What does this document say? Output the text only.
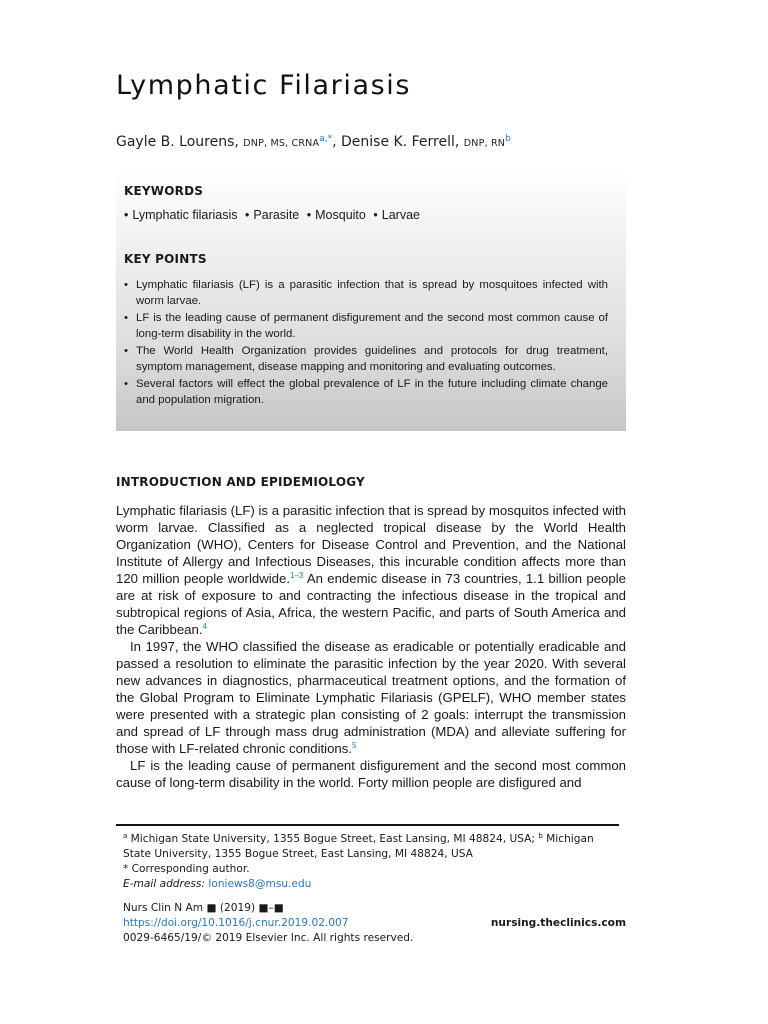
Lymphatic Filariasis
Gayle B. Lourens, DNP, MS, $CRNA^{a,*}$, Denise K. Ferrell, DNP, $RN^b$
KEYWORDS
• Lymphatic filariasis • Parasite • Mosquito • Larvae
KEY POINTS
• Lymphatic filariasis (LF) is a parasitic infection that is spread by mosquitoes infected with worm larvae.
• LF is the leading cause of permanent disfigurement and the second most common cause of long-term disability in the world.
• The World Health Organization provides guidelines and protocols for drug treatment, symptom management, disease mapping and monitoring and evaluating outcomes.
• Several factors will effect the global prevalence of LF in the future including climate change and population migration.
INTRODUCTION AND EPIDEMIOLOGY

Lymphatic filariasis (LF) is a parasitic infection that is spread by mosquitos infected with worm larvae. Classified as a neglected tropical disease by the World Health Organization (WHO), Centers for Disease Control and Prevention, and the National Institute of Allergy and Infectious Diseases, this incurable condition affects more than 120 million people worldwide.$^{1-3}$ An endemic disease in 73 countries, 1.1 billion people are at risk of exposure to and contracting the infectious disease in the tropical and subtropical regions of Asia, Africa, the western Pacific, and parts of South America and the Caribbean.$^4$

In 1997, the WHO classified the disease as eradicable or potentially eradicable and passed a resolution to eliminate the parasitic infection by the year 2020. With several new advances in diagnostics, pharmaceutical treatment options, and the formation of the Global Program to Eliminate Lymphatic Filariasis (GPELF), WHO member states were presented with a strategic plan consisting of 2 goals: interrupt the transmission and spread of LF through mass drug administration (MDA) and alleviate suffering for those with LF-related chronic conditions.$^5$

LF is the leading cause of permanent disfigurement and the second most common cause of long-term disability in the world. Forty million people are disfigured and

$^a$ Michigan State University, 1355 Bogue Street, East Lansing, MI 48824, USA; $^b$ Michigan State University, 1355 Bogue Street, East Lansing, MI 48824, USA
* Corresponding author.
E-mail address: loniews8@msu.edu
Nurs Clin N Am ■ (2019) ■–■
https://doi.org/10.1016/j.cnur.2019.02.007
0029-6465/19/© 2019 Elsevier Inc. All rights reserved.
nursing.theclinics.com
